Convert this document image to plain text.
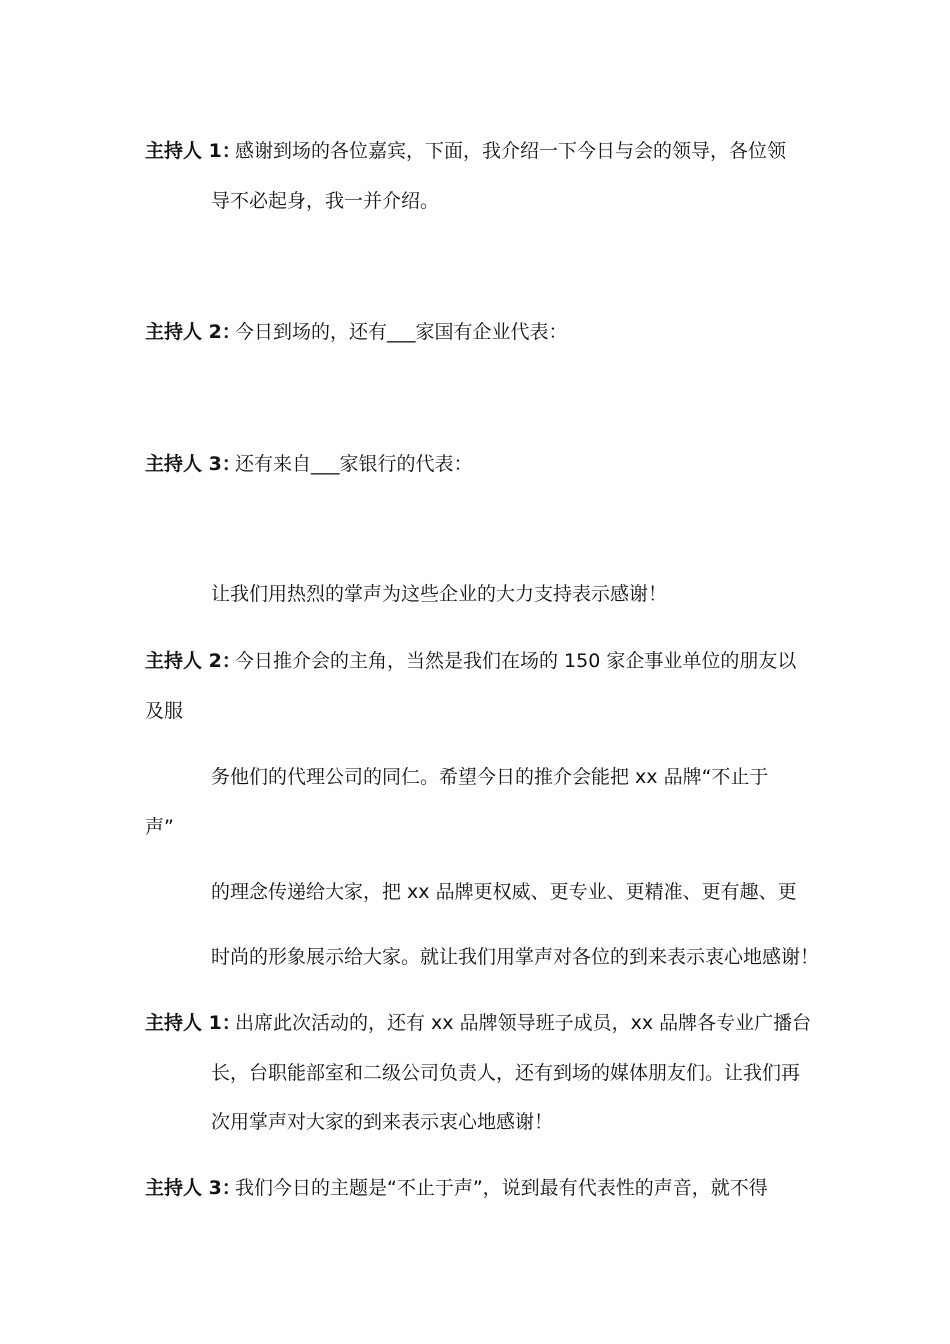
主持人 1：
感谢到场的各位嘉宾，下面，我介绍一下今日与会的领导，各位领
导不必起身，我一并介绍。
主持人 2：
今日到场的，还有___家国有企业代表：
主持人 3：
还有来自___家银行的代表：
让我们用热烈的掌声为这些企业的大力支持表示感谢！
主持人 2：
今日推介会的主角，当然是我们在场的 150 家企事业单位的朋友以
及服
务他们的代理公司的同仁。希望今日的推介会能把 xx 品牌“不止于
声”
的理念传递给大家，把 xx 品牌更权威、更专业、更精准、更有趣、更
时尚的形象展示给大家。就让我们用掌声对各位的到来表示衷心地感谢！
主持人 1：
出席此次活动的，还有 xx 品牌领导班子成员，xx 品牌各专业广播台
长，台职能部室和二级公司负责人，还有到场的媒体朋友们。让我们再
次用掌声对大家的到来表示衷心地感谢！
主持人 3：
我们今日的主题是“不止于声”，说到最有代表性的声音，就不得
